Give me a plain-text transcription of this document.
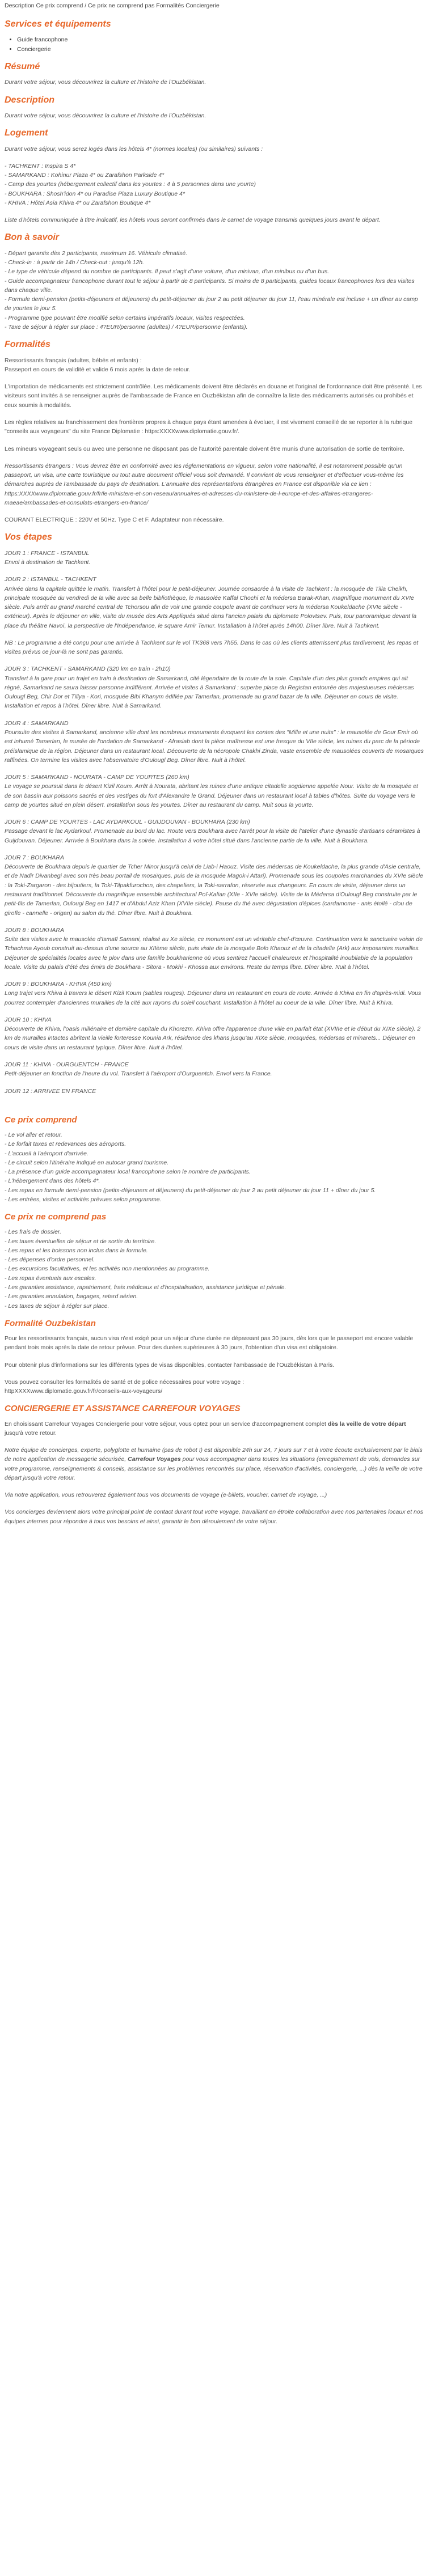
Description Ce prix comprend / Ce prix ne comprend pas Formalités Conciergerie
Services et équipements
• Guide francophone
• Conciergerie
Résumé

Durant votre séjour, vous découvrirez la culture et l'histoire de l'Ouzbékistan.

Description

Durant votre séjour, vous découvrirez la culture et l'histoire de l'Ouzbékistan.

Logement

Durant votre séjour, vous serez logés dans les hôtels 4* (normes locales) (ou similaires) suivants :

- TACHKENT : Inspira S 4*
- SAMARKAND : Kohinur Plaza 4* ou Zarafshon Parkside 4*
- Camp des yourtes (hébergement collectif dans les yourtes : 4 à 5 personnes dans une yourte)
- BOUKHARA : Shosh'idon 4* ou Paradise Plaza Luxury Boutique 4*
- KHIVA : Hôtel Asia Khiva 4* ou Zarafshon Boutique 4*

Liste d'hôtels communiquée à titre indicatif, les hôtels vous seront confirmés dans le carnet de voyage transmis quelques jours avant le départ.

Bon à savoir
- Départ garantis dès 2 participants, maximum 16. Véhicule climatisé.
- Check-in : à partir de 14h / Check-out : jusqu'à 12h.
- Le type de véhicule dépend du nombre de participants. Il peut s'agit d'une voiture, d'un minivan, d'un minibus ou d'un bus.
- Guide accompagnateur francophone durant tout le séjour à partir de 8 participants. Si moins de 8 participants, guides locaux francophones lors des visites dans chaque ville.
- Formule demi-pension (petits-déjeuners et déjeuners) du petit-déjeuner du jour 2 au petit déjeuner du jour 11, l'eau minérale est incluse + un dîner au camp de yourtes le jour 5.
- Programme type pouvant être modifié selon certains impératifs locaux, visites respectées.
- Taxe de séjour à régler sur place : 4?EUR/personne (adultes) / 4?EUR/personne (enfants).
Formalités

Ressortissants français (adultes, bébés et enfants) :
Passeport en cours de validité et valide 6 mois après la date de retour.

L'importation de médicaments est strictement contrôlée. Les médicaments doivent être déclarés en douane et l'original de l'ordonnance doit être présenté. Les visiteurs sont invités à se renseigner auprès de l'ambassade de France en Ouzbékistan afin de connaître la liste des médicaments autorisés ou prohibés et ceux soumis à modalités.

Les règles relatives au franchissement des frontières propres à chaque pays étant amenées à évoluer, il est vivement conseillé de se reporter à la rubrique "conseils aux voyageurs" du site France Diplomatie : https:XXXXwww.diplomatie.gouv.fr/.

Les mineurs voyageant seuls ou avec une personne ne disposant pas de l'autorité parentale doivent être munis d'une autorisation de sortie de territoire.

Ressortissants étrangers : Vous devrez être en conformité avec les réglementations en vigueur, selon votre nationalité, il est notamment possible qu'un passeport, un visa, une carte touristique ou tout autre document officiel vous soit demandé. Il convient de vous renseigner et d'effectuer vous-même les démarches auprès de l'ambassade du pays de destination. L'annuaire des représentations étrangères en France est disponible via ce lien : https:XXXXwww.diplomatie.gouv.fr/fr/le-ministere-et-son-reseau/annuaires-et-adresses-du-ministere-de-l-europe-et-des-affaires-etrangeres-maeae/ambassades-et-consulats-etrangers-en-france/

COURANT ELECTRIQUE : 220V et 50Hz. Type C et F. Adaptateur non nécessaire.

Vos étapes
JOUR 1 : FRANCE - ISTANBUL
Envol à destination de Tachkent.
JOUR 2 : ISTANBUL - TACHKENT
Arrivée dans la capitale quittée le matin. Transfert à l'hôtel pour le petit-déjeuner. Journée consacrée à la visite de Tachkent : la mosquée de Tilla Cheikh, principale mosquée du vendredi de la ville avec sa belle bibliothèque, le mausolée Kaffal Chochi et la médersa Barak-Khan, magnifique monument du XVIe siècle. Puis arrêt au grand marché central de Tchorsou afin de voir une grande coupole avant de continuer vers la médersa Koukeldache (XVIe siècle - extérieur). Après le déjeuner en ville, visite du musée des Arts Appliqués situé dans l'ancien palais du diplomate Polovtsev. Puis, tour panoramique devant la place du théâtre Navoï, la perspective de l'Indépendance, le square Amir Temur. Installation à l'hôtel après 14h00. Dîner libre. Nuit à Tachkent.
NB : Le programme a été conçu pour une arrivée à Tachkent sur le vol TK368 vers 7h55. Dans le cas où les clients atterrissent plus tardivement, les repas et visites prévus ce jour-là ne sont pas garantis.
JOUR 3 : TACHKENT - SAMARKAND (320 km en train - 2h10)
Transfert à la gare pour un trajet en train à destination de Samarkand, cité légendaire de la route de la soie. Capitale d'un des plus grands empires qui ait régné, Samarkand ne saura laisser personne indifférent. Arrivée et visites à Samarkand : superbe place du Registan entourée des majestueuses médersas Oulougl Beg, Chir Dor et Tillya - Kori, mosquée Bibi Khanym édifiée par Tamerlan, promenade au grand bazar de la ville. Déjeuner en cours de visite. Installation et repos à l'hôtel. Dîner libre. Nuit à Samarkand.
JOUR 4 : SAMARKAND
Poursuite des visites à Samarkand, ancienne ville dont les nombreux monuments évoquent les contes des "Mille et une nuits" : le mausolée de Gour Emir où est inhumé Tamerlan, le musée de l'ondation de Samarkand - Afrasiab dont la pièce maîtresse est une fresque du VIIe siècle, les ruines du parc de la période préislamique de la région. Déjeuner dans un restaurant local. Découverte de la nécropole Chakhi Zinda, vaste ensemble de mausolées couverts de mosaïques raffinées. On termine les visites avec l'observatoire d'Oulougl Beg. Dîner libre. Nuit à l'hôtel.
JOUR 5 : SAMARKAND - NOURATA - CAMP DE YOURTES (260 km)
Le voyage se poursuit dans le désert Kizil Koum. Arrêt à Nourata, abritant les ruines d'une antique citadelle sogdienne appelée Nour. Visite de la mosquée et de son bassin aux poissons sacrés et des vestiges du fort d'Alexandre le Grand. Déjeuner dans un restaurant local à tables d'hôtes. Suite du voyage vers le camp de yourtes situé en plein désert. Installation sous les yourtes. Dîner au restaurant du camp. Nuit sous la yourte.
JOUR 6 : CAMP DE YOURTES - LAC AYDARKOUL - GUIJDOUVAN - BOUKHARA (230 km)
Passage devant le lac Aydarkoul. Promenade au bord du lac. Route vers Boukhara avec l'arrêt pour la visite de l'atelier d'une dynastie d'artisans céramistes à Guijdouvan. Déjeuner. Arrivée à Boukhara dans la soirée. Installation à votre hôtel situé dans l'ancienne partie de la ville. Nuit à Boukhara.
JOUR 7 : BOUKHARA
Découverte de Boukhara depuis le quartier de Tcher Minor jusqu'à celui de Liab-i Haouz. Visite des médersas de Koukeldache, la plus grande d'Asie centrale, et de Nadir Divanbegi avec son très beau portail de mosaïques, puis de la mosquée Magok-i Attari). Promenade sous les coupoles marchandes du XVIe siècle : la Toki-Zargaron - des bijoutiers, la Toki-Tilpakfurochon, des chapeliers, la Toki-sarrafon, réservée aux changeurs. En cours de visite, déjeuner dans un restaurant traditionnel. Découverte du magnifique ensemble architectural Poï-Kalian (XIIe - XVIe siècle). Visite de la Médersa d'Oulougl Beg construite par le petit-fils de Tamerlan, Oulougl Beg en 1417 et d'Abdul Aziz Khan (XVIIe siècle). Pause du thé avec dégustation d'épices (cardamome - anis étoilé - clou de girofle - cannelle - origan) au salon du thé. Dîner libre. Nuit à Boukhara.
JOUR 8 : BOUKHARA
Suite des visites avec le mausolée d'Ismaïl Samani, réalisé au Xe siècle, ce monument est un véritable chef-d'œuvre. Continuation vers le sanctuaire voisin de Tchachma Ayoub construit au-dessus d'une source au XIIème siècle, puis visite de la mosquée Bolo Khaouz et de la citadelle (Ark) aux imposantes murailles. Déjeuner de spécialités locales avec le plov dans une famille boukharienne où vous sentirez l'accueil chaleureux et l'hospitalité inoubliable de la population locale. Visite du palais d'été des émirs de Boukhara - Sitora - Mokhi - Khossa aux environs. Reste du temps libre. Dîner libre. Nuit à l'hôtel.
JOUR 9 : BOUKHARA - KHIVA (450 km)
Long trajet vers Khiva à travers le désert Kizil Koum (sables rouges). Déjeuner dans un restaurant en cours de route. Arrivée à Khiva en fin d'après-midi. Vous pourrez contempler d'anciennes murailles de la cité aux rayons du soleil couchant. Installation à l'hôtel au coeur de la ville. Dîner libre. Nuit à Khiva.
JOUR 10 : KHIVA
Découverte de Khiva, l'oasis millénaire et dernière capitale du Khorezm. Khiva offre l'apparence d'une ville en parfait état (XVIIIe et le début du XIXe siècle). 2 km de murailles intactes abritent la vieille forteresse Kounia Ark, résidence des khans jusqu'au XIXe siècle, mosquées, médersas et minarets... Déjeuner en cours de visite dans un restaurant typique. Dîner libre. Nuit à l'hôtel.
JOUR 11 : KHIVA - OURGUENTCH - FRANCE
Petit-déjeuner en fonction de l'heure du vol. Transfert à l'aéroport d'Ourguentch. Envol vers la France.
JOUR 12 : ARRIVEE EN FRANCE
Ce prix comprend
- Le vol aller et retour.
- Le forfait taxes et redevances des aéroports.
- L'accueil à l'aéroport d'arrivée.
- Le circuit selon l'itinéraire indiqué en autocar grand tourisme.
- La présence d'un guide accompagnateur local francophone selon le nombre de participants.
- L'hébergement dans des hôtels 4*.
- Les repas en formule demi-pension (petits-déjeuners et déjeuners) du petit-déjeuner du jour 2 au petit déjeuner du jour 11 + dîner du jour 5.
- Les entrées, visites et activités prévues selon programme.
Ce prix ne comprend pas
- Les frais de dossier.
- Les taxes éventuelles de séjour et de sortie du territoire.
- Les repas et les boissons non inclus dans la formule.
- Les dépenses d'ordre personnel.
- Les excursions facultatives, et les activités non mentionnées au programme.
- Les repas éventuels aux escales.
- Les garanties assistance, rapatriement, frais médicaux et d'hospitalisation, assistance juridique et pénale.
- Les garanties annulation, bagages, retard aérien.
- Les taxes de séjour à régler sur place.
Formalité Ouzbekistan

Pour les ressortissants français, aucun visa n'est exigé pour un séjour d'une durée ne dépassant pas 30 jours, dès lors que le passeport est encore valable pendant trois mois après la date de retour prévue. Pour des durées supérieures à 30 jours, l'obtention d'un visa est obligatoire.

Pour obtenir plus d'informations sur les différents types de visas disponibles, contacter l'ambassade de l'Ouzbékistan à Paris.

Vous pouvez consulter les formalités de santé et de police nécessaires pour votre voyage :
httpXXXXwww.diplomatie.gouv.fr/fr/conseils-aux-voyageurs/

CONCIERGERIE ET ASSISTANCE CARREFOUR VOYAGES

En choisissant Carrefour Voyages Conciergerie pour votre séjour, vous optez pour un service d'accompagnement complet dès la veille de votre départ jusqu'à votre retour.

Notre équipe de concierges, experte, polyglotte et humaine (pas de robot !) est disponible 24h sur 24, 7 jours sur 7 et à votre écoute exclusivement par le biais de notre application de messagerie sécurisée, Carrefour Voyages pour vous accompagner dans toutes les situations (enregistrement de vols, demandes sur votre programme, renseignements & conseils, assistance sur les problèmes rencontrés sur place, réservation d'activités, conciergerie, ...) dès la veille de votre départ jusqu'à votre retour.

Via notre application, vous retrouverez également tous vos documents de voyage (e-billets, voucher, carnet de voyage, ...)

Vos concierges deviennent alors votre principal point de contact durant tout votre voyage, travaillant en étroite collaboration avec nos partenaires locaux et nos équipes internes pour répondre à tous vos besoins et ainsi, garantir le bon déroulement de votre séjour.
